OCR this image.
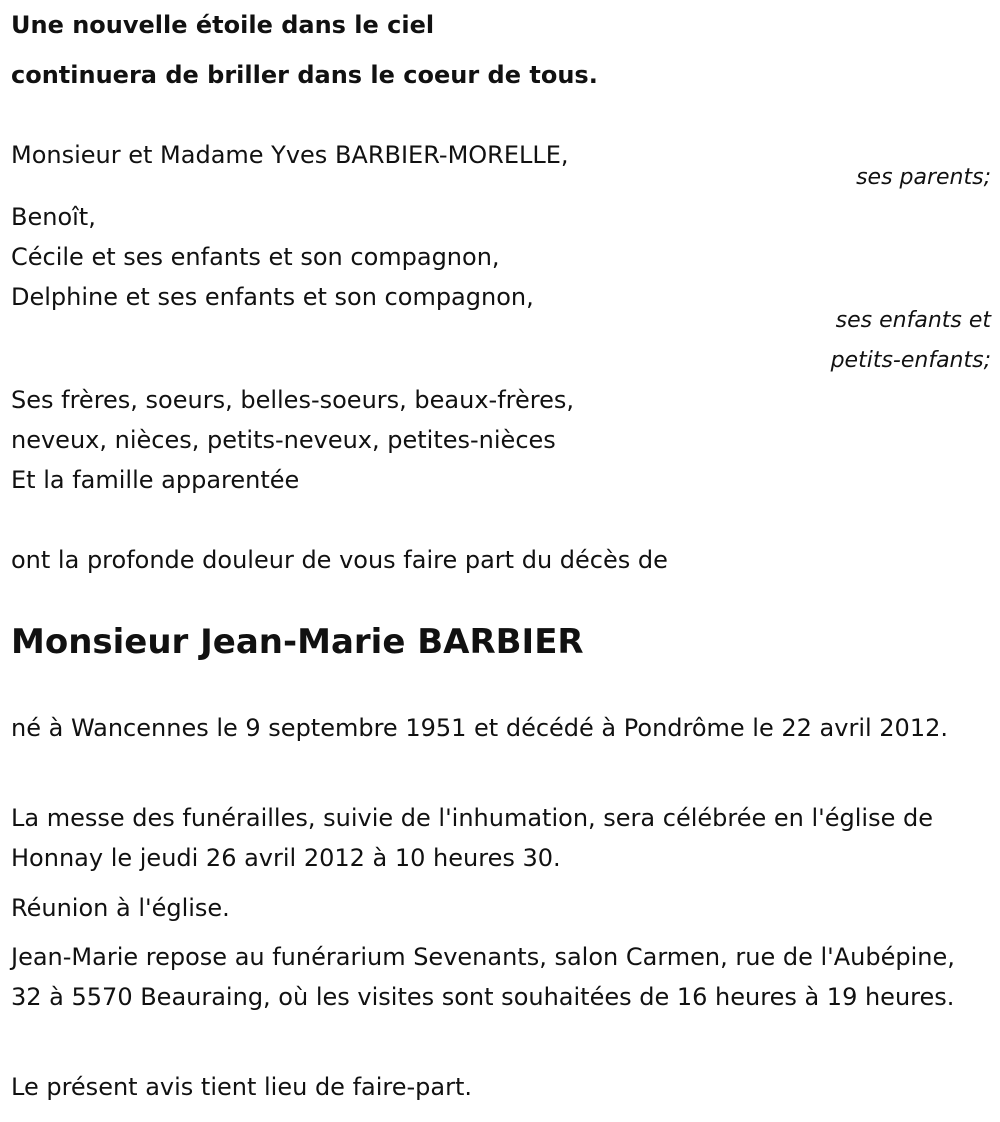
Une nouvelle étoile dans le ciel
continuera de briller dans le coeur de tous.
Monsieur et Madame Yves BARBIER-MORELLE,
ses parents;
Benoît,
Cécile et ses enfants et son compagnon,
Delphine et ses enfants et son compagnon,
ses enfants et
petits-enfants;
Ses frères, soeurs, belles-soeurs, beaux-frères,
neveux, nièces, petits-neveux, petites-nièces
Et la famille apparentée
ont la profonde douleur de vous faire part du décès de
Monsieur Jean-Marie BARBIER
né à Wancennes le 9 septembre 1951 et décédé à Pondrôme le 22 avril 2012.
La messe des funérailles, suivie de l'inhumation, sera célébrée en l'église de Honnay le jeudi 26 avril 2012 à 10 heures 30.
Réunion à l'église.
Jean-Marie repose au funérarium Sevenants, salon Carmen, rue de l'Aubépine, 32 à 5570 Beauraing, où les visites sont souhaitées de 16 heures à 19 heures.
Le présent avis tient lieu de faire-part.
